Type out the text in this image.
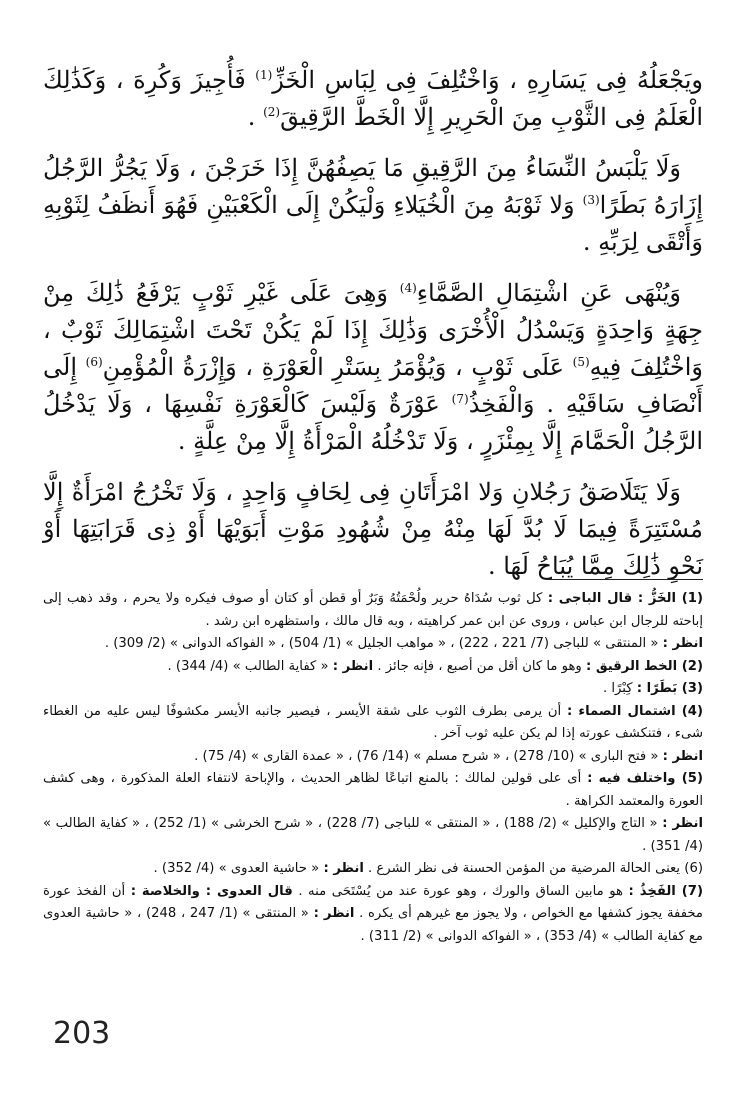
ويَجْعَلُهُ فِى يَسَارِهِ ، وَاخْتُلِفَ فِى لِبَاسِ الْخَزِّ$^{(1)}$ فَأُجِيزَ وَكُرِهَ ، وَكَذَٰلِكَ الْعَلَمُ فِى الثَّوْبِ مِنَ الْحَرِيرِ إِلَّا الْخَطَّ الرَّقِيقَ$^{(2)}$ .

وَلَا يَلْبَسُ النِّسَاءُ مِنَ الرَّقِيقِ مَا يَصِفُهُنَّ إِذَا خَرَجْنَ ، وَلَا يَجُرُّ الرَّجُلُ إِزَارَهُ بَطَرًا$^{(3)}$ وَلا ثَوْبَهُ مِنَ الْخُيَلاءِ وَلْيَكُنْ إِلَى الْكَعْبَيْنِ فَهُوَ أَنظَفُ لِثَوْبِهِ وَأَتْقَى لِرَبِّهِ .

وَيُنْهَى عَنِ اشْتِمَالِ الصَّمَّاءِ$^{(4)}$ وَهِىَ عَلَى غَيْرِ ثَوْبٍ يَرْفَعُ ذَٰلِكَ مِنْ جِهَةٍ وَاحِدَةٍ وَيَسْدُلُ الْأُخْرَى وَذَٰلِكَ إِذَا لَمْ يَكُنْ تَحْتَ اشْتِمَالِكَ ثَوْبٌ ، وَاخْتُلِفَ فِيهِ$^{(5)}$ عَلَى ثَوْبٍ ، وَيُؤْمَرُ بِسَتْرِ الْعَوْرَةِ ، وَإِزْرَةُ الْمُؤْمِنِ$^{(6)}$ إِلَى أَنْصَافِ سَاقَيْهِ . وَالْفَخِذُ$^{(7)}$ عَوْرَةٌ وَلَيْسَ كَالْعَوْرَةِ نَفْسِهَا ، وَلَا يَدْخُلُ الرَّجُلُ الْحَمَّامَ إِلَّا بِمِئْزَرٍ ، وَلَا تَدْخُلُهُ الْمَرْأَةُ إِلَّا مِنْ عِلَّةٍ .

وَلَا يَتَلَاصَقُ رَجُلانِ وَلا امْرَأَتَانِ فِى لِحَافٍ وَاحِدٍ ، وَلَا تَخْرُجُ امْرَأَةٌ إِلَّا مُسْتَتِرَةً فِيمَا لَا بُدَّ لَهَا مِنْهُ مِنْ شُهُودِ مَوْتِ أَبَوَيْهَا أَوْ ذِى قَرَابَتِهَا أَوْ نَحْوِ ذَٰلِكَ مِمَّا يُبَاحُ لَهَا .

(1) الخَزُّ : قال الباجى : كل ثوب سُدَاهُ حرير ولُحْمَتُهُ وَبَرٌ أو قطن أو كتان أو صوف فيكره ولا يحرم ، وقد ذهب إلى إباحته للرجال ابن عباس ، وروى عن ابن عمر كراهيته ، وبه قال مالك ، واستظهره ابن رشد .

انظر : « المنتقى » للباجى (7/ 221 ، 222) ، « مواهب الجليل » (1/ 504) ، « الفواكه الدوانى » (2/ 309) .

(2) الخط الرقيق : وهو ما كان أقل من أصبع ، فإنه جائز . انظر : « كفاية الطالب » (4/ 344) .

(3) بَطَرًا : كِبْرًا .

(4) اشتمال الصماء : أن يرمى بطرف الثوب على شقة الأيسر ، فيصير جانبه الأيسر مكشوفًا ليس عليه من الغطاء شىء ، فتنكشف عورته إذا لم يكن عليه ثوب آخر .

انظر : « فتح البارى » (10/ 278) ، « شرح مسلم » (14/ 76) ، « عمدة القارى » (4/ 75) .

(5) واختلف فيه : أى على قولين لمالك : بالمنع اتباعًا لظاهر الحديث ، والإباحة لانتفاء العلة المذكورة ، وهى كشف العورة والمعتمد الكراهة .

انظر : « التاج والإكليل » (2/ 188) ، « المنتقى » للباجى (7/ 228) ، « شرح الخرشى » (1/ 252) ، « كفاية الطالب » (4/ 351) .

(6) يعنى الحالة المرضية من المؤمن الحسنة فى نظر الشرع . انظر : « حاشية العدوى » (4/ 352) .

(7) الفَخِذُ : هو مابين الساق والورك ، وهو عورة عند من يُسْتَحَى منه . قال العدوى : والخلاصة : أن الفخذ عورة مخففة يجوز كشفها مع الخواص ، ولا يجوز مع غيرهم أى يكره . انظر : « المنتقى » (1/ 247 ، 248) ، « حاشية العدوى مع كفاية الطالب » (4/ 353) ، « الفواكه الدوانى » (2/ 311) .

203
